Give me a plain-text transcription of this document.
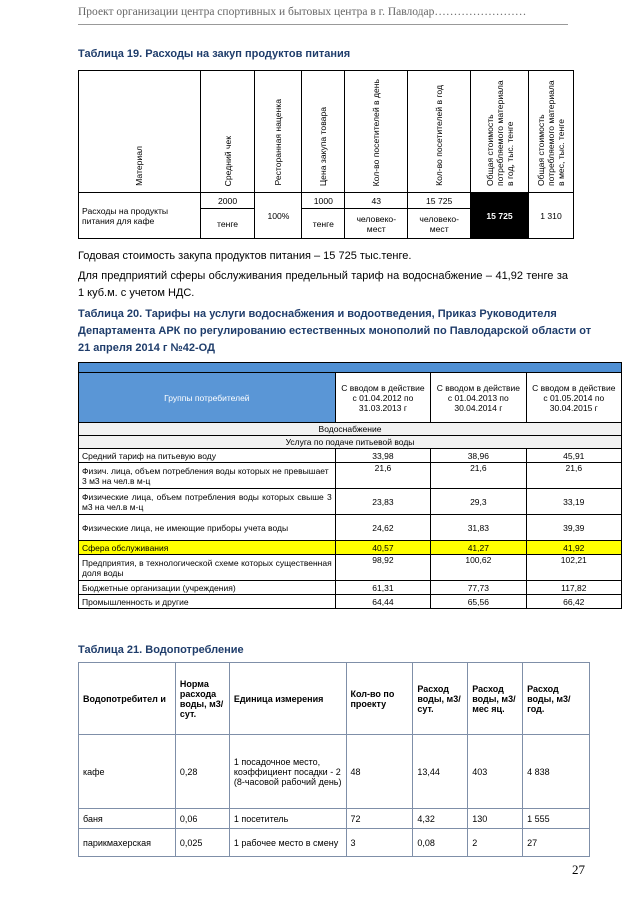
Проект организации центра спортивных и бытовых центра в г. Павлодар……………………
Таблица 19. Расходы на закуп продуктов питания
Материал	Средний чек	Ресторанная наценка	Цена закупа товара	Кол-во посетителей в день	Кол-во посетителей в год	Общая стоимость потребляемого материала в год, тыс. тенге	Общая стоимость потребляемого материала в мес, тыс. тенге
Расходы на продукты питания для кафе	2000	100%	1000	43	15 725	15 725	1 310
	тенге		тенге	человеко-мест	человеко-мест		
Годовая стоимость закупа продуктов питания – 15 725 тыс.тенге.
Для предприятий сферы обслуживания предельный тариф на водоснабжение – 41,92 тенге за 1 куб.м. с учетом НДС.
Таблица 20. Тарифы на услуги водоснабжения и водоотведения, Приказ Руководителя Департамента АРК по регулированию естественных монополий по Павлодарской области от 21 апреля 2014 г №42-ОД

Группы потребителей	С вводом в действие с 01.04.2012 по 31.03.2013 г	С вводом в действие с 01.04.2013 по 30.04.2014 г	С вводом в действие с 01.05.2014 по 30.04.2015 г
Водоснабжение			
Услуга по подаче питьевой воды			
Средний тариф на питьевую воду	33,98	38,96	45,91
Физич. лица, объем потребления воды которых не превышает 3 м3 на чел.в м-ц	21,6	21,6	21,6
Физические лица, объем потребления воды которых свыше 3 м3 на чел.в м-ц	23,83	29,3	33,19
Физические лица, не имеющие приборы учета воды	24,62	31,83	39,39
Сфера обслуживания	40,57	41,27	41,92
Предприятия, в технологической схеме которых существенная доля воды	98,92	100,62	102,21
Бюджетные организации (учреждения)	61,31	77,73	117,82
Промышленность и другие	64,44	65,56	66,42
Таблица 21. Водопотребление
Водопотребител и	Норма расхода воды, м3/сут.	Единица измерения	Кол-во по проекту	Расход воды, м3/сут.	Расход воды, м3/мес яц.	Расход воды, м3/год.
кафе	0,28	1 посадочное место, коэффициент посадки - 2 (8-часовой рабочий день)	48	13,44	403	4 838
баня	0,06	1 посетитель	72	4,32	130	1 555
парикмахерская	0,025	1 рабочее место в смену	3	0,08	2	27
27
